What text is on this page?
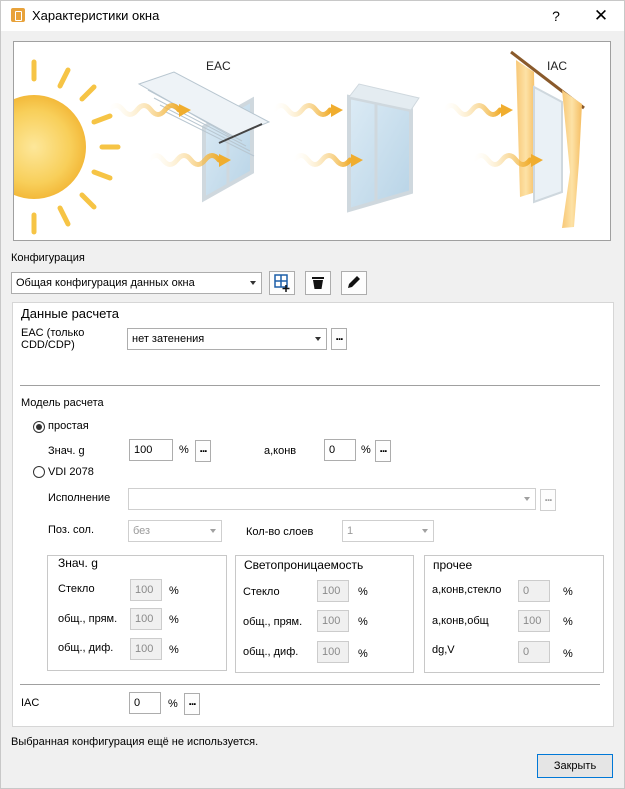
Характеристики окна	?	✕
EAC	IAC
Конфигурация
Общая конфигурация данных окна
Данные расчета
EAC (только CDD/CDP)	нет затенения	...
Модель расчета
простая
Знач. g	100	% ...	a,конв	0	% ...
VDI 2078
Исполнение	...
Поз. сол.	без	Кол-во слоев	1
Знач. g
Стекло	100	%
общ., прям.	100	%
общ., диф.	100	%
Светопроницаемость
Стекло	100	%
общ., прям.	100	%
общ., диф.	100	%
прочее
a,конв,стекло	0	%
a,конв,общ	100	%
dg,V	0	%
IAC	0	% ...
Выбранная конфигурация ещё не используется.
Закрыть
